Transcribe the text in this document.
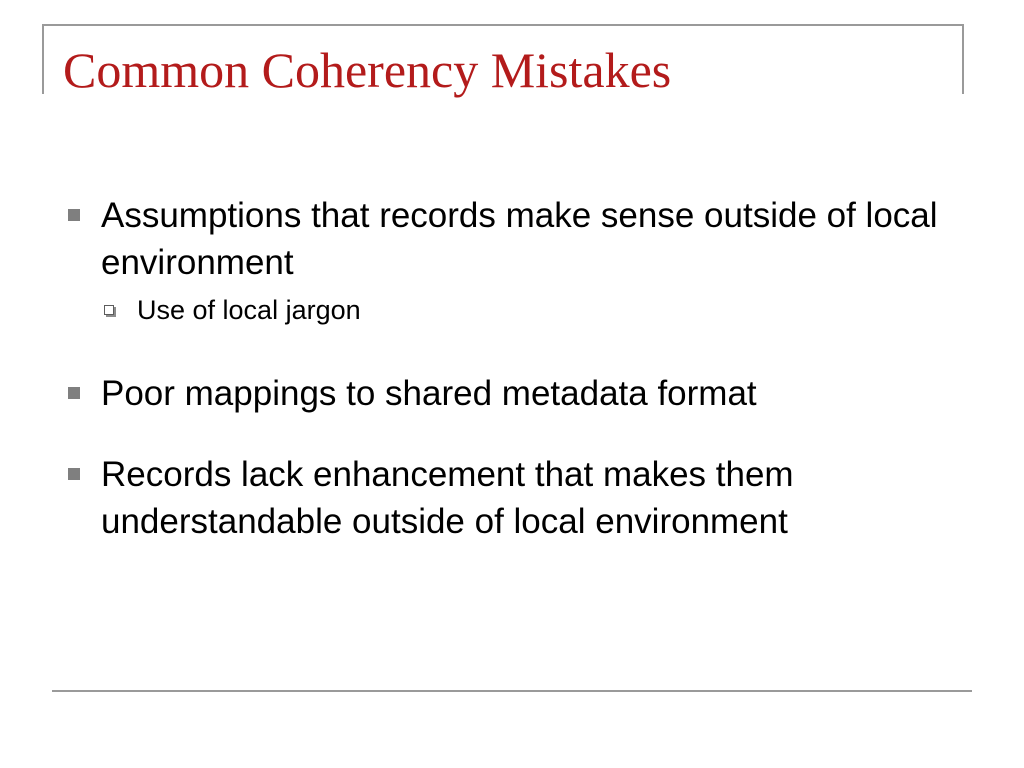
Common Coherency Mistakes
Assumptions that records make sense outside of local environment
Use of local jargon
Poor mappings to shared metadata format
Records lack enhancement that makes them understandable outside of local environment
